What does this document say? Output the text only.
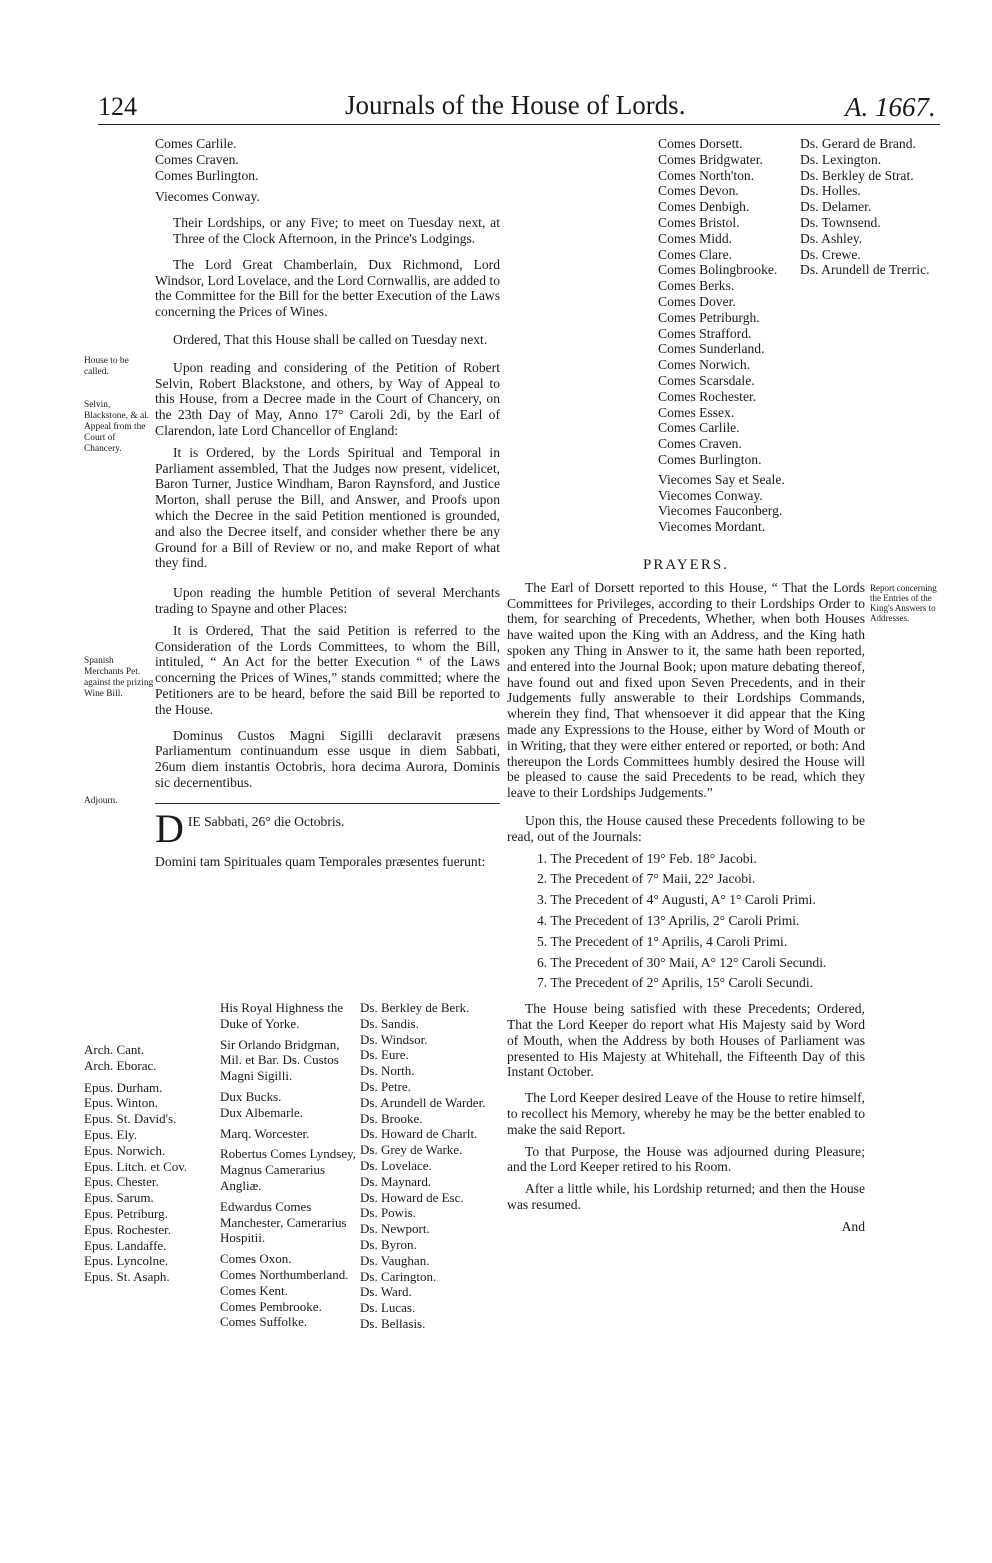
124	Journals of the House of Lords.	A. 1667.
Comes Carlile.
Comes Craven.
Comes Burlington.
Viecomes Conway.

Their Lordships, or any Five; to meet on Tuesday next, at Three of the Clock Afternoon, in the Prince's Lodgings.

The Lord Great Chamberlain, Dux Richmond, Lord Windsor, Lord Lovelace, and the Lord Cornwallis, are added to the Committee for the Bill for the better Execution of the Laws concerning the Prices of Wines.

Ordered, That this House shall be called on Tuesday next.

Upon reading and considering of the Petition of Robert Selvin, Robert Blackstone, and others, by Way of Appeal to this House, from a Decree made in the Court of Chancery, on the 23th Day of May, Anno 17° Caroli 2di, by the Earl of Clarendon, late Lord Chancellor of England:

It is Ordered, by the Lords Spiritual and Temporal in Parliament assembled, That the Judges now present, videlicet, Baron Turner, Justice Windham, Baron Raynsford, and Justice Morton, shall peruse the Bill, and Answer, and Proofs upon which the Decree in the said Petition mentioned is grounded, and also the Decree itself, and consider whether there be any Ground for a Bill of Review or no, and make Report of what they find.

Upon reading the humble Petition of several Merchants trading to Spayne and other Places:

It is Ordered, That the said Petition is referred to the Consideration of the Lords Committees, to whom the Bill, intituled, “ An Act for the better Execution “ of the Laws concerning the Prices of Wines,” stands committed; where the Petitioners are to be heard, before the said Bill be reported to the House.

Dominus Custos Magni Sigilli declaravit præsens Parliamentum continuandum esse usque in diem Sabbati, 26um diem instantis Octobris, hora decima Aurora, Dominis sic decernentibus.

D IE Sabbati, 26° die Octobris.

Domini tam Spirituales quam Temporales præsentes fuerunt:

House to be called.
Selvin, Blackstone, & al. Appeal from the Court of Chancery.
Spanish Merchants Pet. against the prizing Wine Bill.
Adjourn.
Arch. Cant.
Arch. Eborac.
Epus. Durham.
Epus. Winton.
Epus. St. David's.
Epus. Ely.
Epus. Norwich.
Epus. Litch. et Cov.
Epus. Chester.
Epus. Sarum.
Epus. Petriburg.
Epus. Rochester.
Epus. Landaffe.
Epus. Lyncolne.
Epus. St. Asaph.
His Royal Highness the Duke of Yorke.
Sir Orlando Bridgman, Mil. et Bar. Ds. Custos Magni Sigilli.
Dux Bucks.
Dux Albemarle.
Marq. Worcester.
Robertus Comes Lyndsey, Magnus Camerarius Angliæ.
Edwardus Comes Manchester, Camerarius Hospitii.
Comes Oxon.
Comes Northumberland.
Comes Kent.
Comes Pembrooke.
Comes Suffolke.
Ds. Berkley de Berk.
Ds. Sandis.
Ds. Windsor.
Ds. Eure.
Ds. North.
Ds. Petre.
Ds. Arundell de Warder.
Ds. Brooke.
Ds. Howard de Charlt.
Ds. Grey de Warke.
Ds. Lovelace.
Ds. Maynard.
Ds. Howard de Esc.
Ds. Powis.
Ds. Newport.
Ds. Byron.
Ds. Vaughan.
Ds. Carington.
Ds. Ward.
Ds. Lucas.
Ds. Bellasis.
Comes Dorsett.
Comes Bridgwater.
Comes North'ton.
Comes Devon.
Comes Denbigh.
Comes Bristol.
Comes Midd.
Comes Clare.
Comes Bolingbrooke.
Comes Berks.
Comes Dover.
Comes Petriburgh.
Comes Strafford.
Comes Sunderland.
Comes Norwich.
Comes Scarsdale.
Comes Rochester.
Comes Essex.
Comes Carlile.
Comes Craven.
Comes Burlington.
Viecomes Say et Seale.
Viecomes Conway.
Viecomes Fauconberg.
Viecomes Mordant.
Ds. Gerard de Brand.
Ds. Lexington.
Ds. Berkley de Strat.
Ds. Holles.
Ds. Delamer.
Ds. Townsend.
Ds. Ashley.
Ds. Crewe.
Ds. Arundell de Trerric.
PRAYERS.

The Earl of Dorsett reported to this House, “ That the Lords Committees for Privileges, according to their Lordships Order to them, for searching of Precedents, Whether, when both Houses have waited upon the King with an Address, and the King hath spoken any Thing in Answer to it, the same hath been reported, and entered into the Journal Book; upon mature debating thereof, have found out and fixed upon Seven Precedents, and in their Judgements fully answerable to their Lordships Commands, wherein they find, That whensoever it did appear that the King made any Expressions to the House, either by Word of Mouth or in Writing, that they were either entered or reported, or both: And thereupon the Lords Committees humbly desired the House will be pleased to cause the said Precedents to be read, which they leave to their Lordships Judgements.”

Upon this, the House caused these Precedents following to be read, out of the Journals:

1. The Precedent of 19° Feb. 18° Jacobi.
2. The Precedent of 7° Maii, 22° Jacobi.
3. The Precedent of 4° Augusti, A° 1° Caroli Primi.
4. The Precedent of 13° Aprilis, 2° Caroli Primi.
5. The Precedent of 1° Aprilis, 4 Caroli Primi.
6. The Precedent of 30° Maii, A° 12° Caroli Secundi.
7. The Precedent of 2° Aprilis, 15° Caroli Secundi.

The House being satisfied with these Precedents; Ordered, That the Lord Keeper do report what His Majesty said by Word of Mouth, when the Address by both Houses of Parliament was presented to His Majesty at Whitehall, the Fifteenth Day of this Instant October.

The Lord Keeper desired Leave of the House to retire himself, to recollect his Memory, whereby he may be the better enabled to make the said Report.

To that Purpose, the House was adjourned during Pleasure; and the Lord Keeper retired to his Room.

After a little while, his Lordship returned; and then the House was resumed.

And
Report concerning the Entries of the King's Answers to Addresses.
